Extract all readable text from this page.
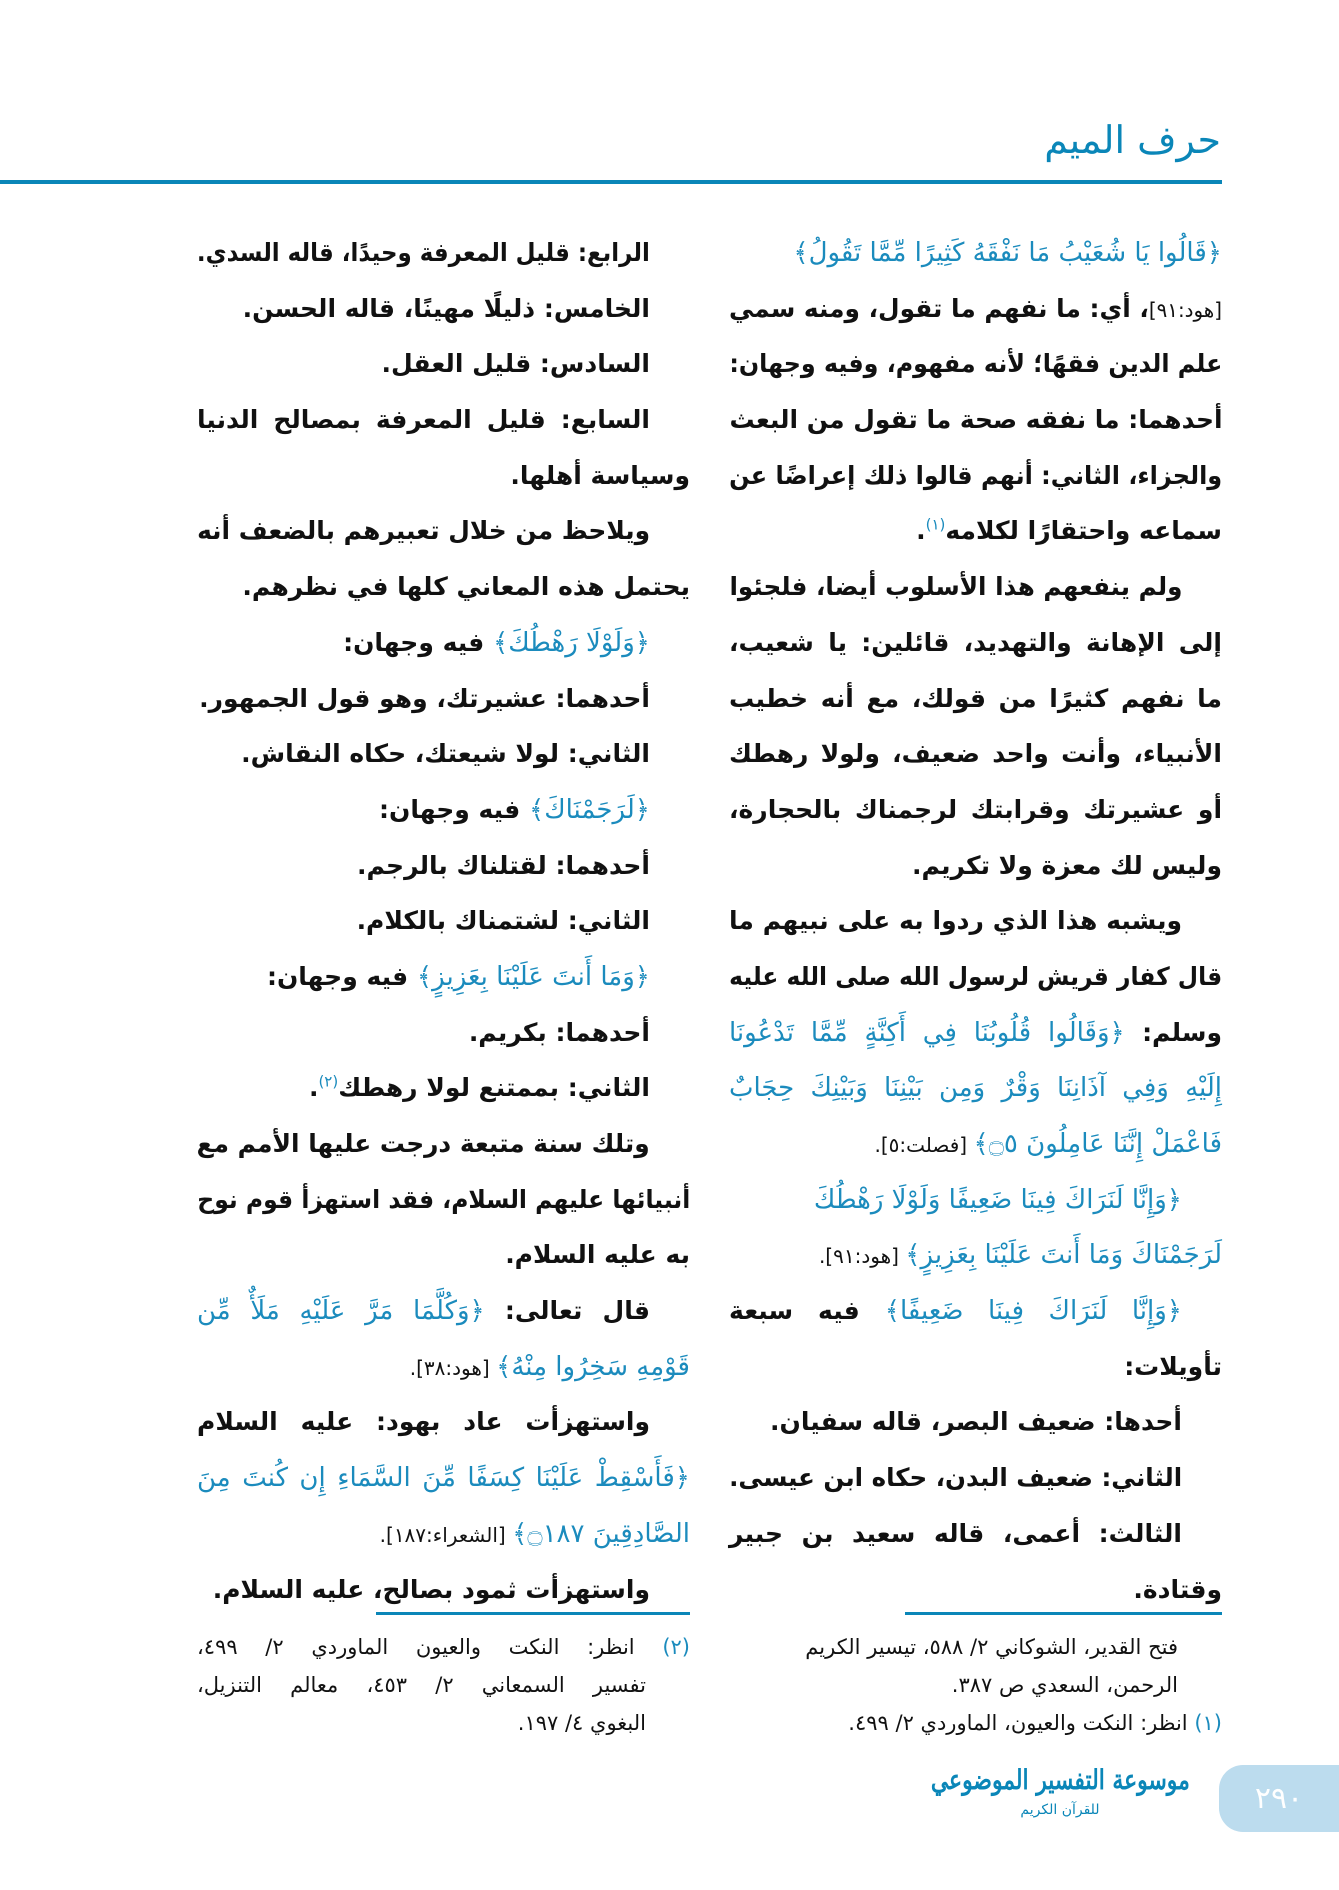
حرف الميم
﴿قَالُوا يَا شُعَيْبُ مَا نَفْقَهُ كَثِيرًا مِّمَّا تَقُولُ﴾
[هود:٩١]، أي: ما نفهم ما تقول، ومنه سمي
علم الدين فقهًا؛ لأنه مفهوم، وفيه وجهان:
أحدهما: ما نفقه صحة ما تقول من البعث
والجزاء، الثاني: أنهم قالوا ذلك إعراضًا عن
سماعه واحتقارًا لكلامه$^{(١)}$.
ولم ينفعهم هذا الأسلوب أيضا، فلجئوا
إلى الإهانة والتهديد، قائلين: يا شعيب،
ما نفهم كثيرًا من قولك، مع أنه خطيب
الأنبياء، وأنت واحد ضعيف، ولولا رهطك
أو عشيرتك وقرابتك لرجمناك بالحجارة،
وليس لك معزة ولا تكريم.
ويشبه هذا الذي ردوا به على نبيهم ما
قال كفار قريش لرسول الله صلى الله عليه
وسلم: ﴿وَقَالُوا قُلُوبُنَا فِي أَكِنَّةٍ مِّمَّا تَدْعُونَا
إِلَيْهِ وَفِي آذَانِنَا وَقْرٌ وَمِن بَيْنِنَا وَبَيْنِكَ حِجَابٌ
فَاعْمَلْ إِنَّنَا عَامِلُونَ ۝٥﴾ [فصلت:٥].
﴿وَإِنَّا لَنَرَاكَ فِينَا ضَعِيفًا وَلَوْلَا رَهْطُكَ
لَرَجَمْنَاكَ وَمَا أَنتَ عَلَيْنَا بِعَزِيزٍ﴾ [هود:٩١].
﴿وَإِنَّا لَنَرَاكَ فِينَا ضَعِيفًا﴾ فيه سبعة
تأويلات:
أحدها: ضعيف البصر، قاله سفيان.
الثاني: ضعيف البدن، حكاه ابن عيسى.
الثالث: أعمى، قاله سعيد بن جبير
وقتادة.
الرابع: قليل المعرفة وحيدًا، قاله السدي.
الخامس: ذليلًا مهينًا، قاله الحسن.
السادس: قليل العقل.
السابع: قليل المعرفة بمصالح الدنيا
وسياسة أهلها.
ويلاحظ من خلال تعبيرهم بالضعف أنه
يحتمل هذه المعاني كلها في نظرهم.
﴿وَلَوْلَا رَهْطُكَ﴾ فيه وجهان:
أحدهما: عشيرتك، وهو قول الجمهور.
الثاني: لولا شيعتك، حكاه النقاش.
﴿لَرَجَمْنَاكَ﴾ فيه وجهان:
أحدهما: لقتلناك بالرجم.
الثاني: لشتمناك بالكلام.
﴿وَمَا أَنتَ عَلَيْنَا بِعَزِيزٍ﴾ فيه وجهان:
أحدهما: بكريم.
الثاني: بممتنع لولا رهطك$^{(٢)}$.
وتلك سنة متبعة درجت عليها الأمم مع
أنبيائها عليهم السلام، فقد استهزأ قوم نوح
به عليه السلام.
قال تعالى: ﴿وَكُلَّمَا مَرَّ عَلَيْهِ مَلَأٌ مِّن
قَوْمِهِ سَخِرُوا مِنْهُ﴾ [هود:٣٨].
واستهزأت عاد بهود: عليه السلام
﴿فَأَسْقِطْ عَلَيْنَا كِسَفًا مِّنَ السَّمَاءِ إِن كُنتَ مِنَ
الصَّادِقِينَ ۝١٨٧﴾ [الشعراء:١٨٧].
واستهزأت ثمود بصالح، عليه السلام.
فتح القدير، الشوكاني ٢/ ٥٨٨، تيسير الكريم
الرحمن، السعدي ص ٣٨٧.
(١) انظر: النكت والعيون، الماوردي ٢/ ٤٩٩.
(٢) انظر: النكت والعيون الماوردي ٢/ ٤٩٩،
تفسير السمعاني ٢/ ٤٥٣، معالم التنزيل،
البغوي ٤/ ١٩٧.
موسوعة التفسير الموضوعي
للقرآن الكريم	٢٩٠
